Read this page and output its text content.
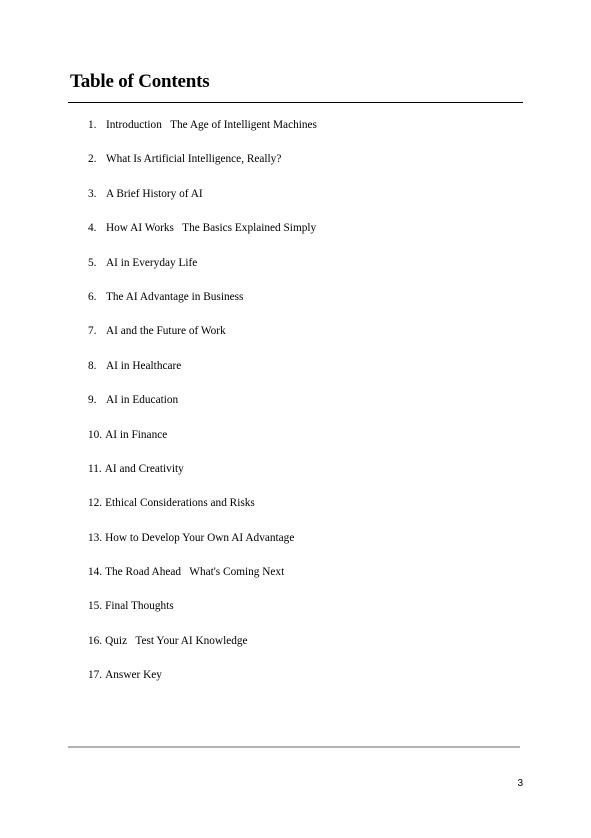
Table of Contents
1. Introduction   The Age of Intelligent Machines
2. What Is Artificial Intelligence, Really?
3. A Brief History of AI
4. How AI Works   The Basics Explained Simply
5. AI in Everyday Life
6. The AI Advantage in Business
7. AI and the Future of Work
8. AI in Healthcare
9. AI in Education
10. AI in Finance
11. AI and Creativity
12. Ethical Considerations and Risks
13. How to Develop Your Own AI Advantage
14. The Road Ahead   What's Coming Next
15. Final Thoughts
16. Quiz   Test Your AI Knowledge
17. Answer Key
3
